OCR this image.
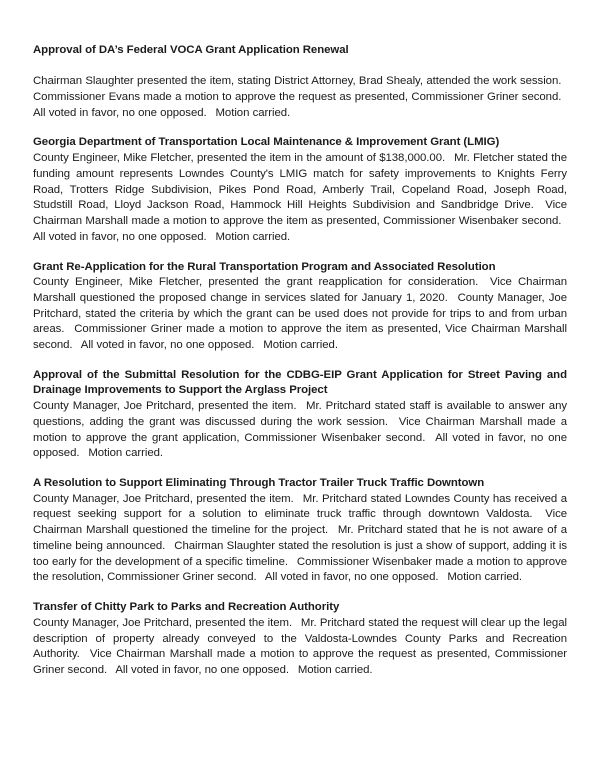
Approval of DA’s Federal VOCA Grant Application Renewal

Chairman Slaughter presented the item, stating District Attorney, Brad Shealy, attended the work session.  Commissioner Evans made a motion to approve the request as presented, Commissioner Griner second.  All voted in favor, no one opposed.  Motion carried.

Georgia Department of Transportation Local Maintenance & Improvement Grant (LMIG)

County Engineer, Mike Fletcher, presented the item in the amount of $138,000.00.  Mr. Fletcher stated the funding amount represents Lowndes County's LMIG match for safety improvements to Knights Ferry Road, Trotters Ridge Subdivision, Pikes Pond Road, Amberly Trail, Copeland Road, Joseph Road, Studstill Road, Lloyd Jackson Road, Hammock Hill Heights Subdivision and Sandbridge Drive.  Vice Chairman Marshall made a motion to approve the item as presented, Commissioner Wisenbaker second.  All voted in favor, no one opposed.  Motion carried.

Grant Re-Application for the Rural Transportation Program and Associated Resolution

County Engineer, Mike Fletcher, presented the grant reapplication for consideration.  Vice Chairman Marshall questioned the proposed change in services slated for January 1, 2020.  County Manager, Joe Pritchard, stated the criteria by which the grant can be used does not provide for trips to and from urban areas.  Commissioner Griner made a motion to approve the item as presented, Vice Chairman Marshall second.  All voted in favor, no one opposed.  Motion carried.

Approval of the Submittal Resolution for the CDBG-EIP Grant Application for Street Paving and Drainage Improvements to Support the Arglass Project

County Manager, Joe Pritchard, presented the item.  Mr. Pritchard stated staff is available to answer any questions, adding the grant was discussed during the work session.  Vice Chairman Marshall made a motion to approve the grant application, Commissioner Wisenbaker second.  All voted in favor, no one opposed.  Motion carried.

A Resolution to Support Eliminating Through Tractor Trailer Truck Traffic Downtown

County Manager, Joe Pritchard, presented the item.  Mr. Pritchard stated Lowndes County has received a request seeking support for a solution to eliminate truck traffic through downtown Valdosta.  Vice Chairman Marshall questioned the timeline for the project.  Mr. Pritchard stated that he is not aware of a timeline being announced.  Chairman Slaughter stated the resolution is just a show of support, adding it is too early for the development of a specific timeline.  Commissioner Wisenbaker made a motion to approve the resolution, Commissioner Griner second.  All voted in favor, no one opposed.  Motion carried.

Transfer of Chitty Park to Parks and Recreation Authority

County Manager, Joe Pritchard, presented the item.  Mr. Pritchard stated the request will clear up the legal description of property already conveyed to the Valdosta-Lowndes County Parks and Recreation Authority.  Vice Chairman Marshall made a motion to approve the request as presented, Commissioner Griner second.  All voted in favor, no one opposed.  Motion carried.
